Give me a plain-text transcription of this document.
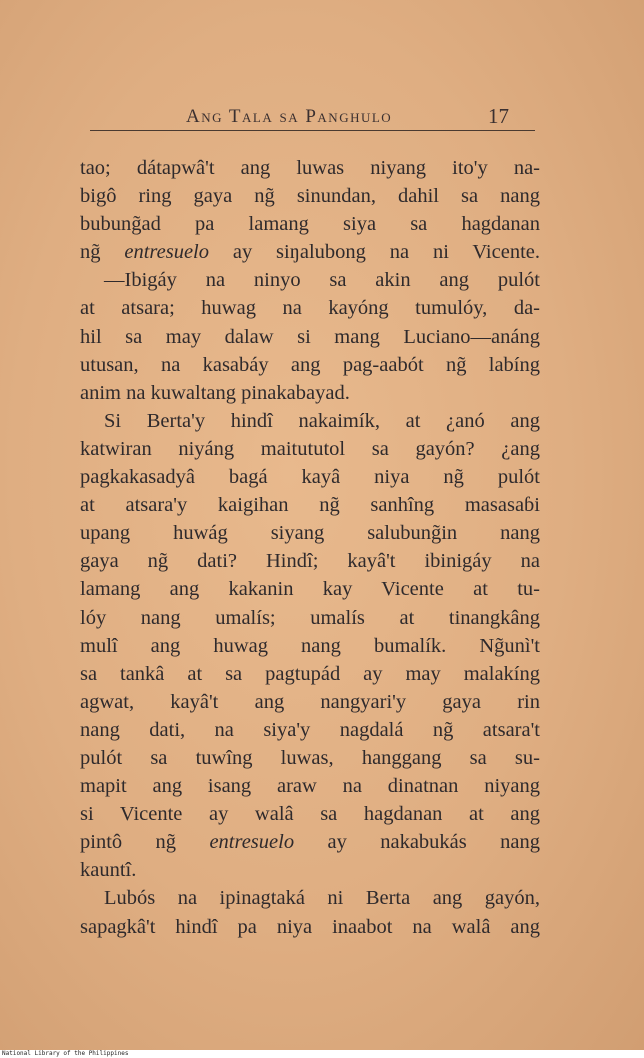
Ang Tala sa Panghulo	17
tao; dátapwâ't ang luwas niyang ito'y na-
bigô ring gaya ng̃ sinundan, dahil sa nang
bubung̃ad pa lamang siya sa hagdanan
ng̃ entresuelo ay siŋalubong na ni Vicente.
—Ibigáy na ninyo sa akin ang pulót
at atsara; huwag na kayóng tumulóy, da-
hil sa may dalaw si mang Luciano—anáng
utusan, na kasabáy ang pag-aabót ng̃ labíng
anim na kuwaltang pinakabayad.
Si Berta'y hindî nakaimík, at ¿anó ang
katwiran niyáng maitututol sa gayón? ¿ang
pagkakasadyâ bagá kayâ niya ng̃ pulót
at atsara'y kaigihan ng̃ sanhîng masasaɓi
upang huwág siyang salubung̃in nang
gaya ng̃ dati? Hindî; kayâ't ibinigáy na
lamang ang kakanin kay Vicente at tu-
lóy nang umalís; umalís at tinangkâng
mulî ang huwag nang bumalík. Ng̃unì't
sa tankâ at sa pagtupád ay may malakíng
agwat, kayâ't ang nangyari'y gaya rin
nang dati, na siya'y nagdalá ng̃ atsara't
pulót sa tuwîng luwas, hanggang sa su-
mapit ang isang araw na dinatnan niyang
si Vicente ay walâ sa hagdanan at ang
pintô ng̃ entresuelo ay nakabukás nang
kauntî.
Lubós na ipinagtaká ni Berta ang gayón,
sapagkâ't hindî pa niya inaabot na walâ ang
National Library of the Philippines
